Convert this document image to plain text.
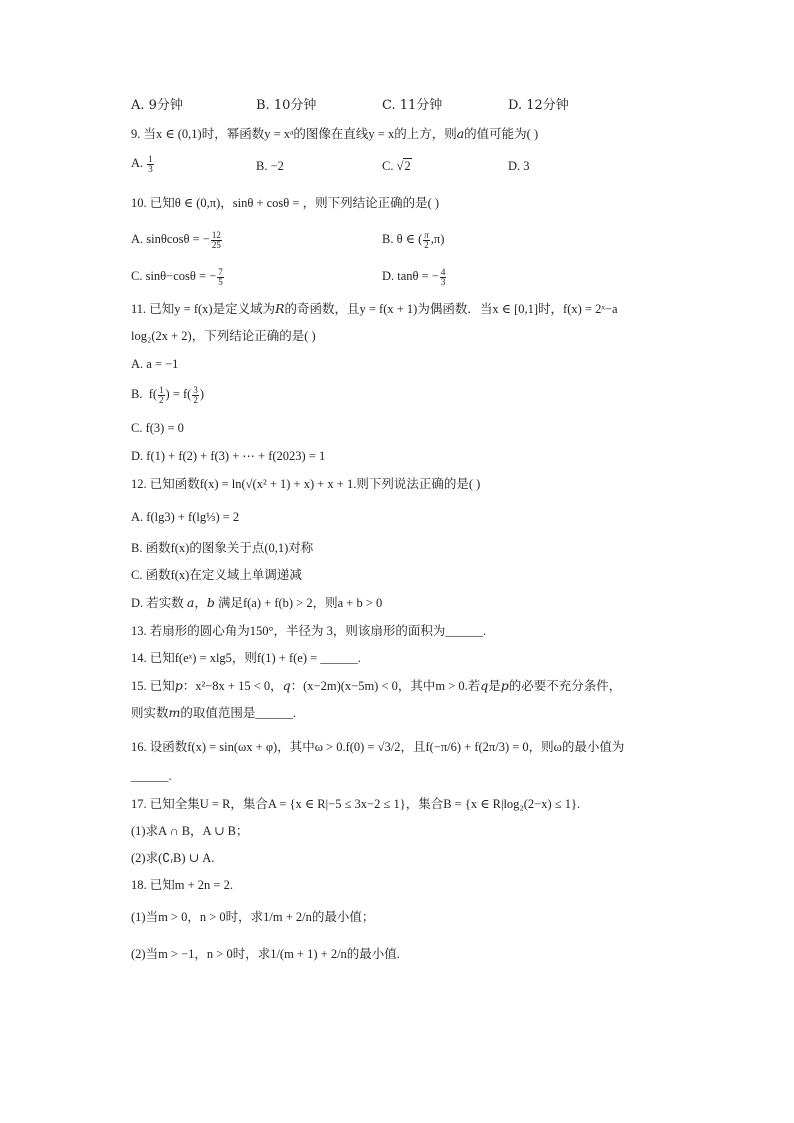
A. 9分钟	B. 10分钟	C. 11分钟	D. 12分钟
9. 当x ∈ (0,1)时，幂函数y = xᵃ的图像在直线y = x的上方，则𝑎的值可能为( )
A. $\frac{1}{3}$	B. −2	C. √2	D. 3
10. 已知θ ∈ (0,π)，sinθ + cosθ = ，则下列结论正确的是( )
A. sinθcosθ = − $\frac{12}{25}$	B. θ ∈ ( $\frac{\pi}{2} ,\pi$)
C. sinθ−cosθ = − $\frac{7}{5}$	D. tanθ = − $\frac{4}{3}$
11. 已知y = f(x)是定义域为𝑅的奇函数，且y = f(x + 1)为偶函数．当x ∈ [0,1]时，f(x) = 2ˣ−a
log₂(2x + 2)，下列结论正确的是( )
A. a = −1
B.  $f( \frac{1}{2}$ ) = $f( \frac{3}{2}$ )
C. f(3) = 0
D. f(1) + f(2) + f(3) + ⋯ + f(2023) = 1
12. 已知函数f(x) = ln(√(x² + 1) + x) + x + 1.则下列说法正确的是( )
A. f(lg3) + f(lg⅓) = 2
B. 函数f(x)的图象关于点(0,1)对称
C. 函数f(x)在定义域上单调递减
D. 若实数 𝑎，𝑏 满足f(a) + f(b) > 2，则a + b > 0
13. 若扇形的圆心角为150°，半径为 3，则该扇形的面积为______.
14. 已知f(eˣ) = xlg5，则f(1) + f(e) = ______.
15. 已知𝑝：x²−8x + 15 < 0，𝑞：(x−2m)(x−5m) < 0，其中m > 0.若𝑞是𝑝的必要不充分条件，
则实数𝑚的取值范围是______.
16. 设函数f(x) = sin(ωx + φ)，其中ω > 0.f(0) = √3/2，且f(−π/6) + f(2π/3) = 0，则ω的最小值为
______.
17. 已知全集U = R，集合A = {x ∈ R|−5 ≤ 3x−2 ≤ 1}，集合B = {x ∈ R|log₂(2−x) ≤ 1}.
(1)求A ∩ B，A ∪ B；
(2)求(∁ᵣB) ∪ A.
18. 已知m + 2n = 2.
(1)当m > 0，n > 0时，求1/m + 2/n的最小值；
(2)当m > −1，n > 0时，求1/(m + 1) + 2/n的最小值.
